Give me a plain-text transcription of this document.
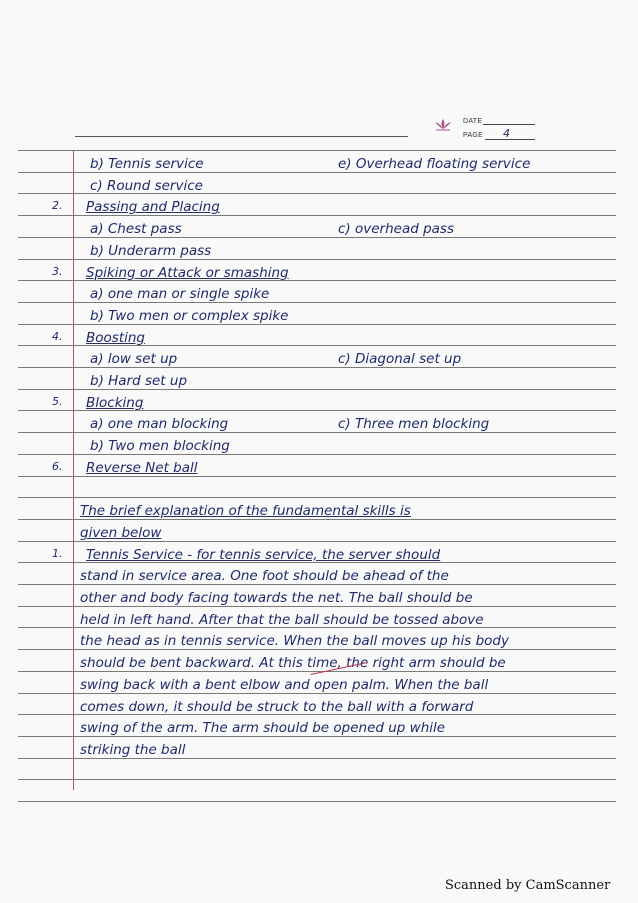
DATE
PAGE 4
b) Tennis service	e) Overhead floating service
c) Round service
2. Passing and Placing
a) Chest pass	c) overhead pass
b) Underarm pass
3. Spiking or Attack or smashing
a) one man or single spike
b) Two men or complex spike
4. Boosting
a) low set up	c) Diagonal set up
b) Hard set up
5. Blocking
a) one man blocking	c) Three men blocking
b) Two men blocking
6. Reverse Net ball
The brief explanation of the fundamental skills is
given below
1. Tennis Service - for tennis service, the server should
stand in service area. One foot should be ahead of the
other and body facing towards the net. The ball should be
held in left hand. After that the ball should be tossed above
the head as in tennis service. When the ball moves up his body
should be bent backward. At this time, the right arm should be
swing back with a bent elbow and open palm. When the ball
comes down, it should be struck to the ball with a forward
swing of the arm. The arm should be opened up while
striking the ball
Scanned by CamScanner
